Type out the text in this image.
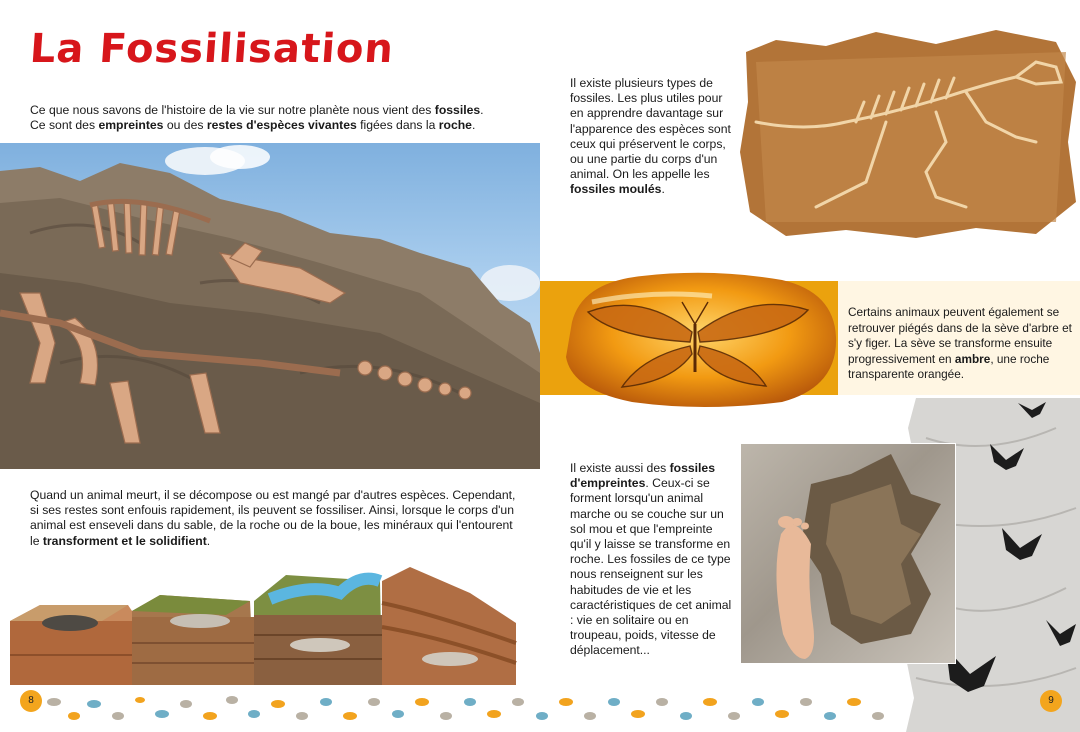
La Fossilisation
Ce que nous savons de l'histoire de la vie sur notre planète nous vient des fossiles.
Ce sont des empreintes ou des restes d'espèces vivantes figées dans la roche.
Il existe plusieurs types de fossiles. Les plus utiles pour en apprendre davantage sur l'apparence des espèces sont ceux qui préservent le corps, ou une partie du corps d'un animal. On les appelle les fossiles moulés.
Certains animaux peuvent également se retrouver piégés dans de la sève d'arbre et s'y figer. La sève se transforme ensuite progressivement en ambre, une roche transparente orangée.
Il existe aussi des fossiles d'empreintes. Ceux-ci se forment lorsqu'un animal marche ou se couche sur un sol mou et que l'empreinte qu'il y laisse se transforme en roche. Les fossiles de ce type nous renseignent sur les habitudes de vie et les caractéristiques de cet animal : vie en solitaire ou en troupeau, poids, vitesse de déplacement...
Quand un animal meurt, il se décompose ou est mangé par d'autres espèces. Cependant, si ses restes sont enfouis rapidement, ils peuvent se fossiliser. Ainsi, lorsque le corps d'un animal est enseveli dans du sable, de la roche ou de la boue, les minéraux qui l'entourent le transforment et le solidifient.
8	9
